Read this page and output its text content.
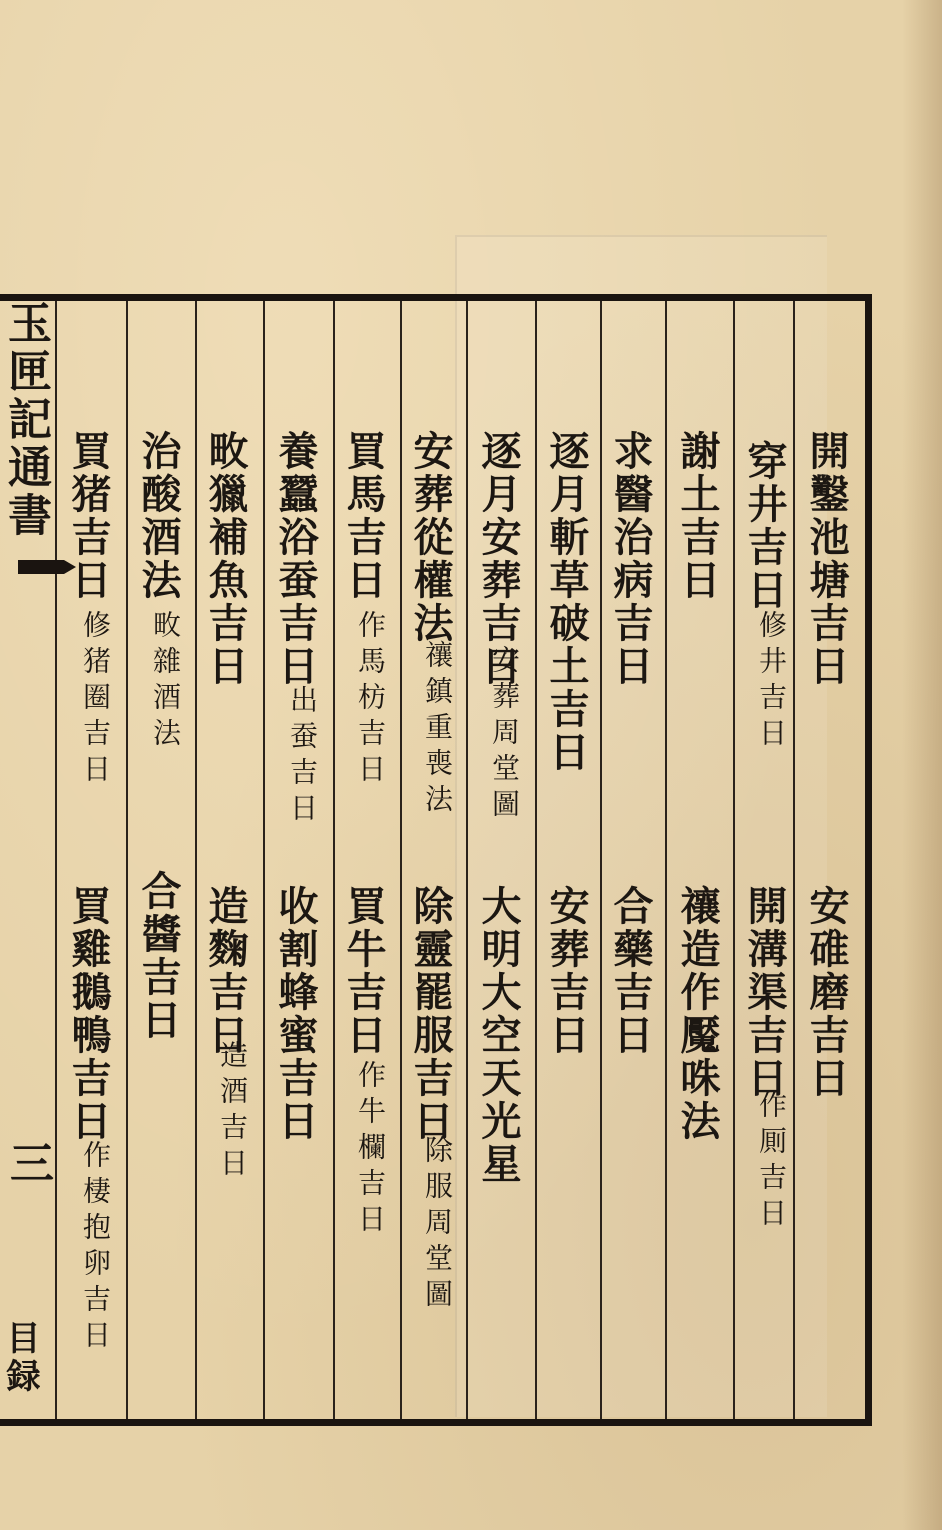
玉匣記通書
三
目録
開鑿池塘吉日
安碓磨吉日
穿井吉日
修井吉日
開溝渠吉日
作厠吉日
謝土吉日
禳造作魘咮法
求醫治病吉日
合藥吉日
逐月斬草破土吉日
安葬吉日
逐月安葬吉日
安葬周堂圖
大明大空天光星
安葬從權法
禳鎮重喪法
除靈罷服吉日
除服周堂圖
買馬吉日
作馬枋吉日
買牛吉日
作牛欄吉日
養蠶浴蚕吉日
出蚕吉日
收割蜂蜜吉日
畋獵補魚吉日
造麴吉日
造酒吉日
治酸酒法
畋雜酒法
合醬吉日
買猪吉日
修猪圈吉日
買雞鵝鴨吉日
作棲抱卵吉日
